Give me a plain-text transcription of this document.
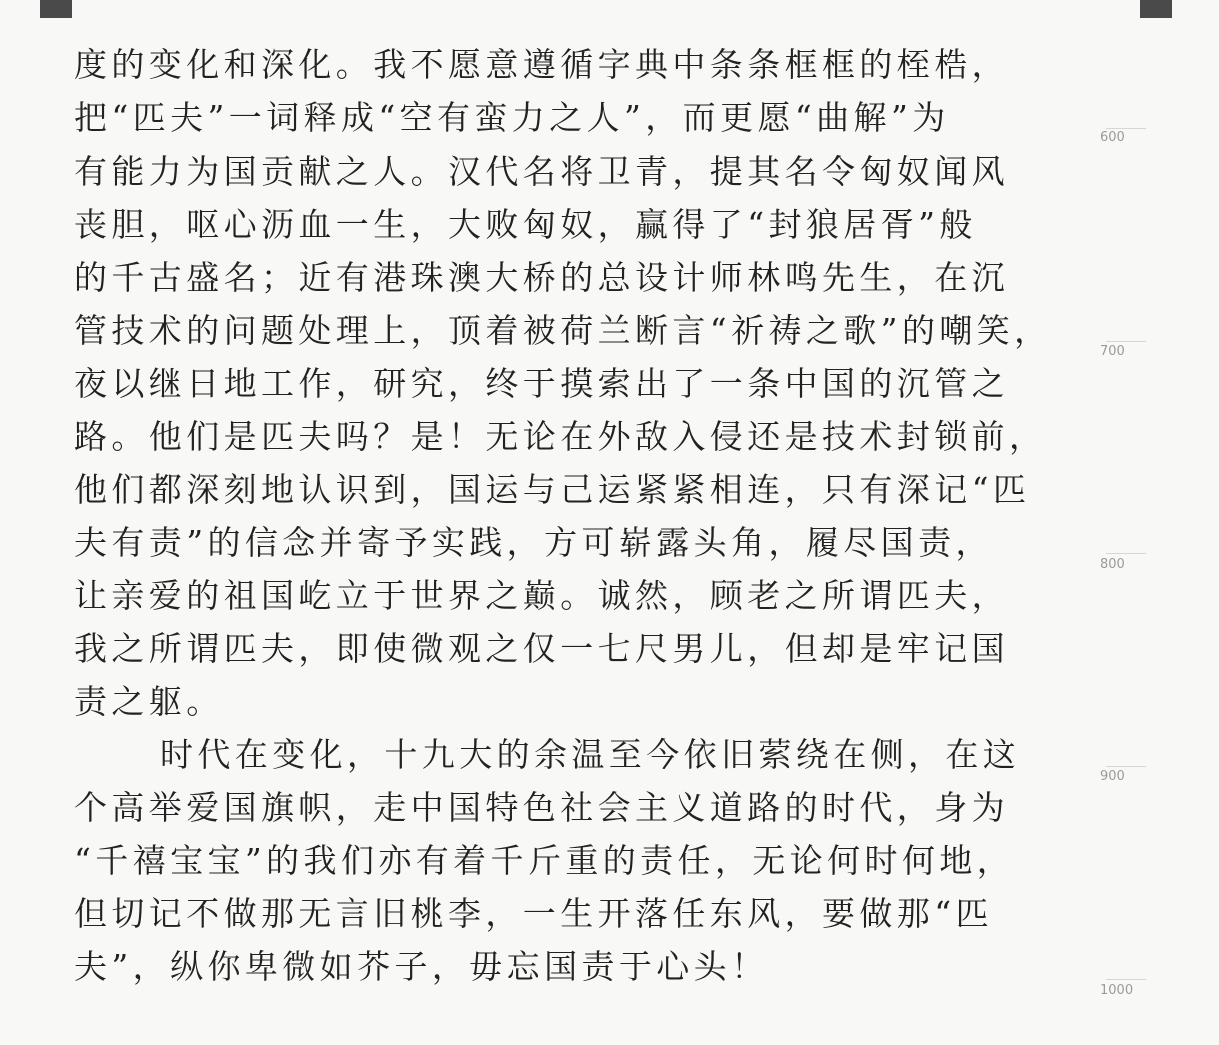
度的变化和深化。我不愿意遵循字典中条条框框的桎梏，
把“匹夫”一词释成“空有蛮力之人”，而更愿“曲解”为
600
有能力为国贡献之人。汉代名将卫青，提其名令匈奴闻风
丧胆，呕心沥血一生，大败匈奴，赢得了“封狼居胥”般
的千古盛名；近有港珠澳大桥的总设计师林鸣先生，在沉
管技术的问题处理上，顶着被荷兰断言“祈祷之歌”的嘲笑，
700
夜以继日地工作，研究，终于摸索出了一条中国的沉管之
路。他们是匹夫吗？是！无论在外敌入侵还是技术封锁前，
他们都深刻地认识到，国运与己运紧紧相连，只有深记“匹
夫有责”的信念并寄予实践，方可崭露头角，履尽国责，
800
让亲爱的祖国屹立于世界之巅。诚然，顾老之所谓匹夫，
我之所谓匹夫，即使微观之仅一七尺男儿，但却是牢记国
责之躯。
时代在变化，十九大的余温至今依旧萦绕在侧，在这
900
个高举爱国旗帜，走中国特色社会主义道路的时代，身为
“千禧宝宝”的我们亦有着千斤重的责任，无论何时何地，
但切记不做那无言旧桃李，一生开落任东风，要做那“匹
夫”，纵你卑微如芥子，毋忘国责于心头！
1000
